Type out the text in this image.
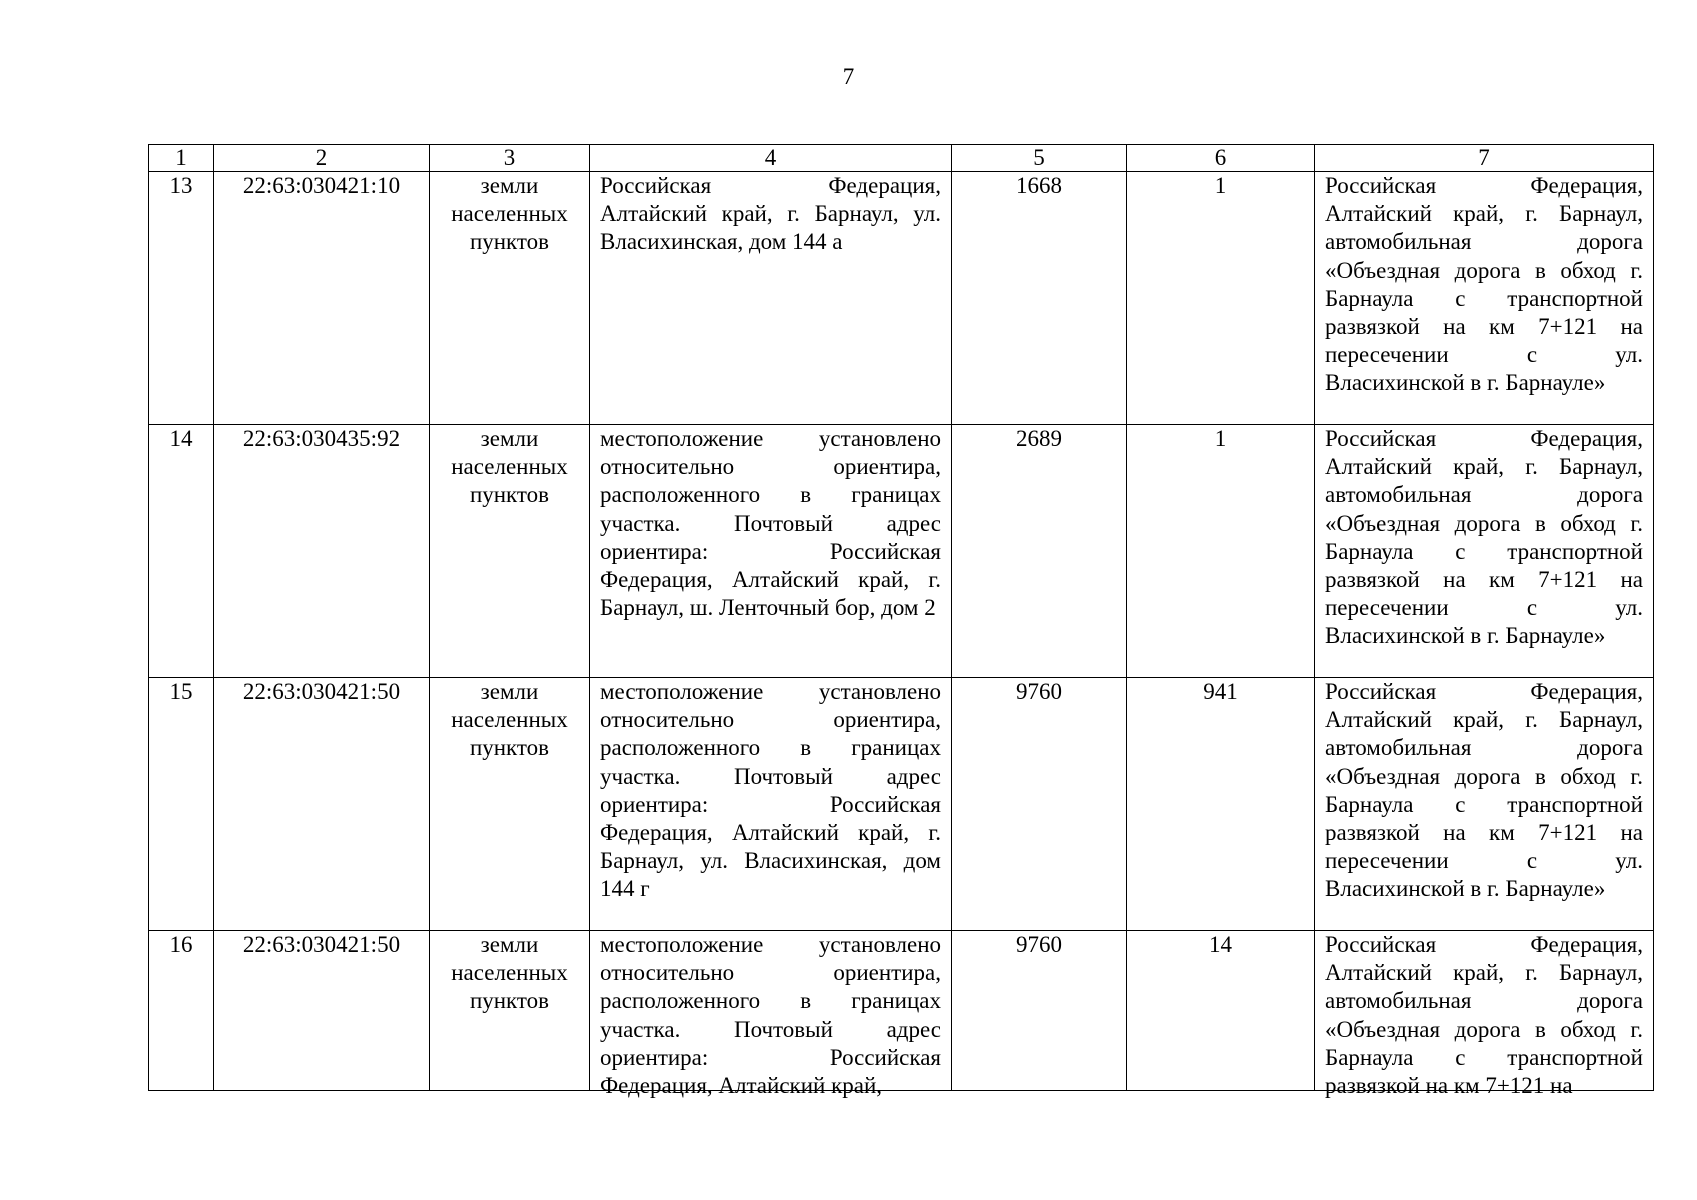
7
1	2	3	4	5	6	7
13	22:63:030421:10	земли населенных пунктов	Российская Федерация, Алтайский край, г. Барнаул, ул. Власихинская, дом 144 а	1668	1	Российская Федерация, Алтайский край, г. Барнаул, автомобильная дорога «Объездная дорога в обход г. Барнаула с транспортной развязкой на км 7+121 на пересечении с ул. Власихинской в г. Барнауле»
14	22:63:030435:92	земли населенных пунктов	местоположение установлено относительно ориентира, расположенного в границах участка. Почтовый адрес ориентира: Российская Федерация, Алтайский край, г. Барнаул, ш. Ленточный бор, дом 2	2689	1	Российская Федерация, Алтайский край, г. Барнаул, автомобильная дорога «Объездная дорога в обход г. Барнаула с транспортной развязкой на км 7+121 на пересечении с ул. Власихинской в г. Барнауле»
15	22:63:030421:50	земли населенных пунктов	местоположение установлено относительно ориентира, расположенного в границах участка. Почтовый адрес ориентира: Российская Федерация, Алтайский край, г. Барнаул, ул. Власихинская, дом 144 г	9760	941	Российская Федерация, Алтайский край, г. Барнаул, автомобильная дорога «Объездная дорога в обход г. Барнаула с транспортной развязкой на км 7+121 на пересечении с ул. Власихинской в г. Барнауле»
16	22:63:030421:50	земли населенных пунктов	местоположение установлено относительно ориентира, расположенного в границах участка. Почтовый адрес ориентира: Российская Федерация, Алтайский край,	9760	14	Российская Федерация, Алтайский край, г. Барнаул, автомобильная дорога «Объездная дорога в обход г. Барнаула с транспортной развязкой на км 7+121 на
